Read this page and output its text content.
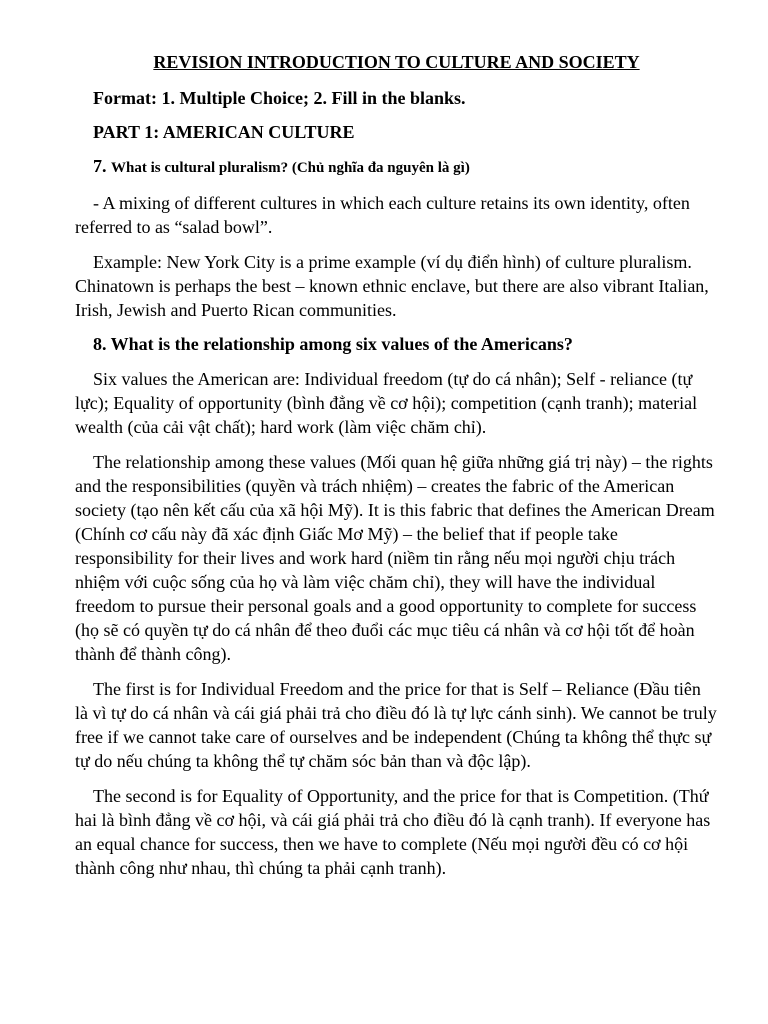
REVISION INTRODUCTION TO CULTURE AND SOCIETY
Format: 1. Multiple Choice; 2. Fill in the blanks.
PART 1: AMERICAN CULTURE
7. What is cultural pluralism? (Chủ nghĩa đa nguyên là gì)

- A mixing of different cultures in which each culture retains its own identity, often referred to as “salad bowl”.

Example: New York City is a prime example (ví dụ điển hình) of culture pluralism. Chinatown is perhaps the best – known ethnic enclave, but there are also vibrant Italian, Irish, Jewish and Puerto Rican communities.

8. What is the relationship among six values of the Americans?

Six values the American are: Individual freedom (tự do cá nhân); Self - reliance (tự lực); Equality of opportunity (bình đẳng về cơ hội); competition (cạnh tranh); material wealth (của cải vật chất); hard work (làm việc chăm chỉ).

The relationship among these values (Mối quan hệ giữa những giá trị này) – the rights and the responsibilities (quyền và trách nhiệm) – creates the fabric of the American society (tạo nên kết cấu của xã hội Mỹ). It is this fabric that defines the American Dream (Chính cơ cấu này đã xác định Giấc Mơ Mỹ) – the belief that if people take responsibility for their lives and work hard (niềm tin rằng nếu mọi người chịu trách nhiệm với cuộc sống của họ và làm việc chăm chỉ), they will have the individual freedom to pursue their personal goals and a good opportunity to complete for success (họ sẽ có quyền tự do cá nhân để theo đuổi các mục tiêu cá nhân và cơ hội tốt để hoàn thành để thành công).

The first is for Individual Freedom and the price for that is Self – Reliance (Đầu tiên là vì tự do cá nhân và cái giá phải trả cho điều đó là tự lực cánh sinh). We cannot be truly free if we cannot take care of ourselves and be independent (Chúng ta không thể thực sự tự do nếu chúng ta không thể tự chăm sóc bản than và độc lập).

The second is for Equality of Opportunity, and the price for that is Competition. (Thứ hai là bình đẳng về cơ hội, và cái giá phải trả cho điều đó là cạnh tranh). If everyone has an equal chance for success, then we have to complete (Nếu mọi người đều có cơ hội thành công như nhau, thì chúng ta phải cạnh tranh).
